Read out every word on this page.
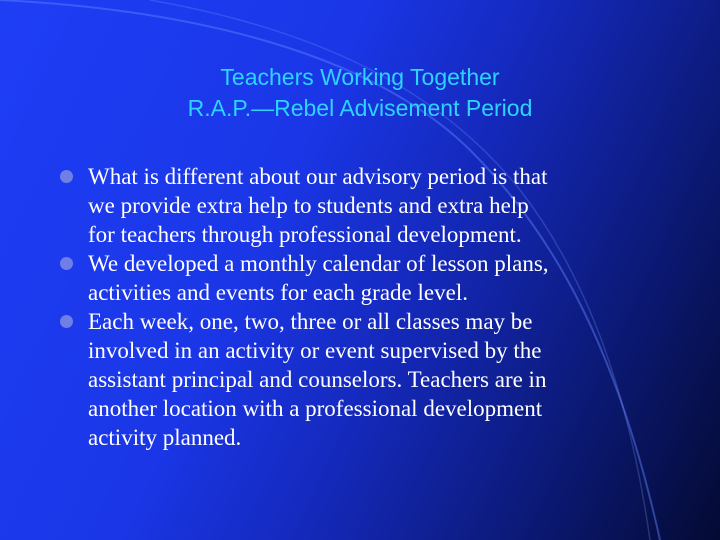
Teachers Working Together
R.A.P.—Rebel Advisement Period
What is different about our advisory period is that
we provide extra help to students and extra help
for teachers through professional development.
We developed a monthly calendar of lesson plans,
activities and events for each grade level.
Each week, one, two, three or all classes may be
involved in an activity or event supervised by the
assistant principal and counselors. Teachers are in
another location with a professional development
activity planned.
